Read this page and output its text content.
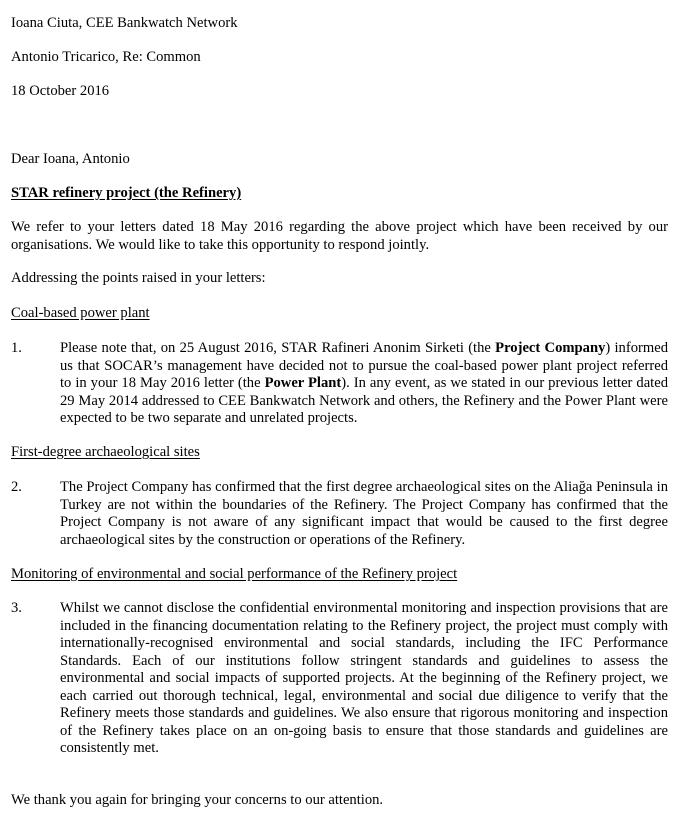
Ioana Ciuta, CEE Bankwatch Network
Antonio Tricarico, Re: Common
18 October 2016
Dear Ioana, Antonio
STAR refinery project (the Refinery)
We refer to your letters dated 18 May 2016 regarding the above project which have been received by our organisations. We would like to take this opportunity to respond jointly.
Addressing the points raised in your letters:
Coal-based power plant
1.	Please note that, on 25 August 2016, STAR Rafineri Anonim Sirketi (the Project Company) informed us that SOCAR’s management have decided not to pursue the coal-based power plant project referred to in your 18 May 2016 letter (the Power Plant). In any event, as we stated in our previous letter dated 29 May 2014 addressed to CEE Bankwatch Network and others, the Refinery and the Power Plant were expected to be two separate and unrelated projects.
First-degree archaeological sites
2.	The Project Company has confirmed that the first degree archaeological sites on the Aliağa Peninsula in Turkey are not within the boundaries of the Refinery. The Project Company has confirmed that the Project Company is not aware of any significant impact that would be caused to the first degree archaeological sites by the construction or operations of the Refinery.
Monitoring of environmental and social performance of the Refinery project
3.	Whilst we cannot disclose the confidential environmental monitoring and inspection provisions that are included in the financing documentation relating to the Refinery project, the project must comply with internationally-recognised environmental and social standards, including the IFC Performance Standards. Each of our institutions follow stringent standards and guidelines to assess the environmental and social impacts of supported projects. At the beginning of the Refinery project, we each carried out thorough technical, legal, environmental and social due diligence to verify that the Refinery meets those standards and guidelines. We also ensure that rigorous monitoring and inspection of the Refinery takes place on an on-going basis to ensure that those standards and guidelines are consistently met.
We thank you again for bringing your concerns to our attention.
